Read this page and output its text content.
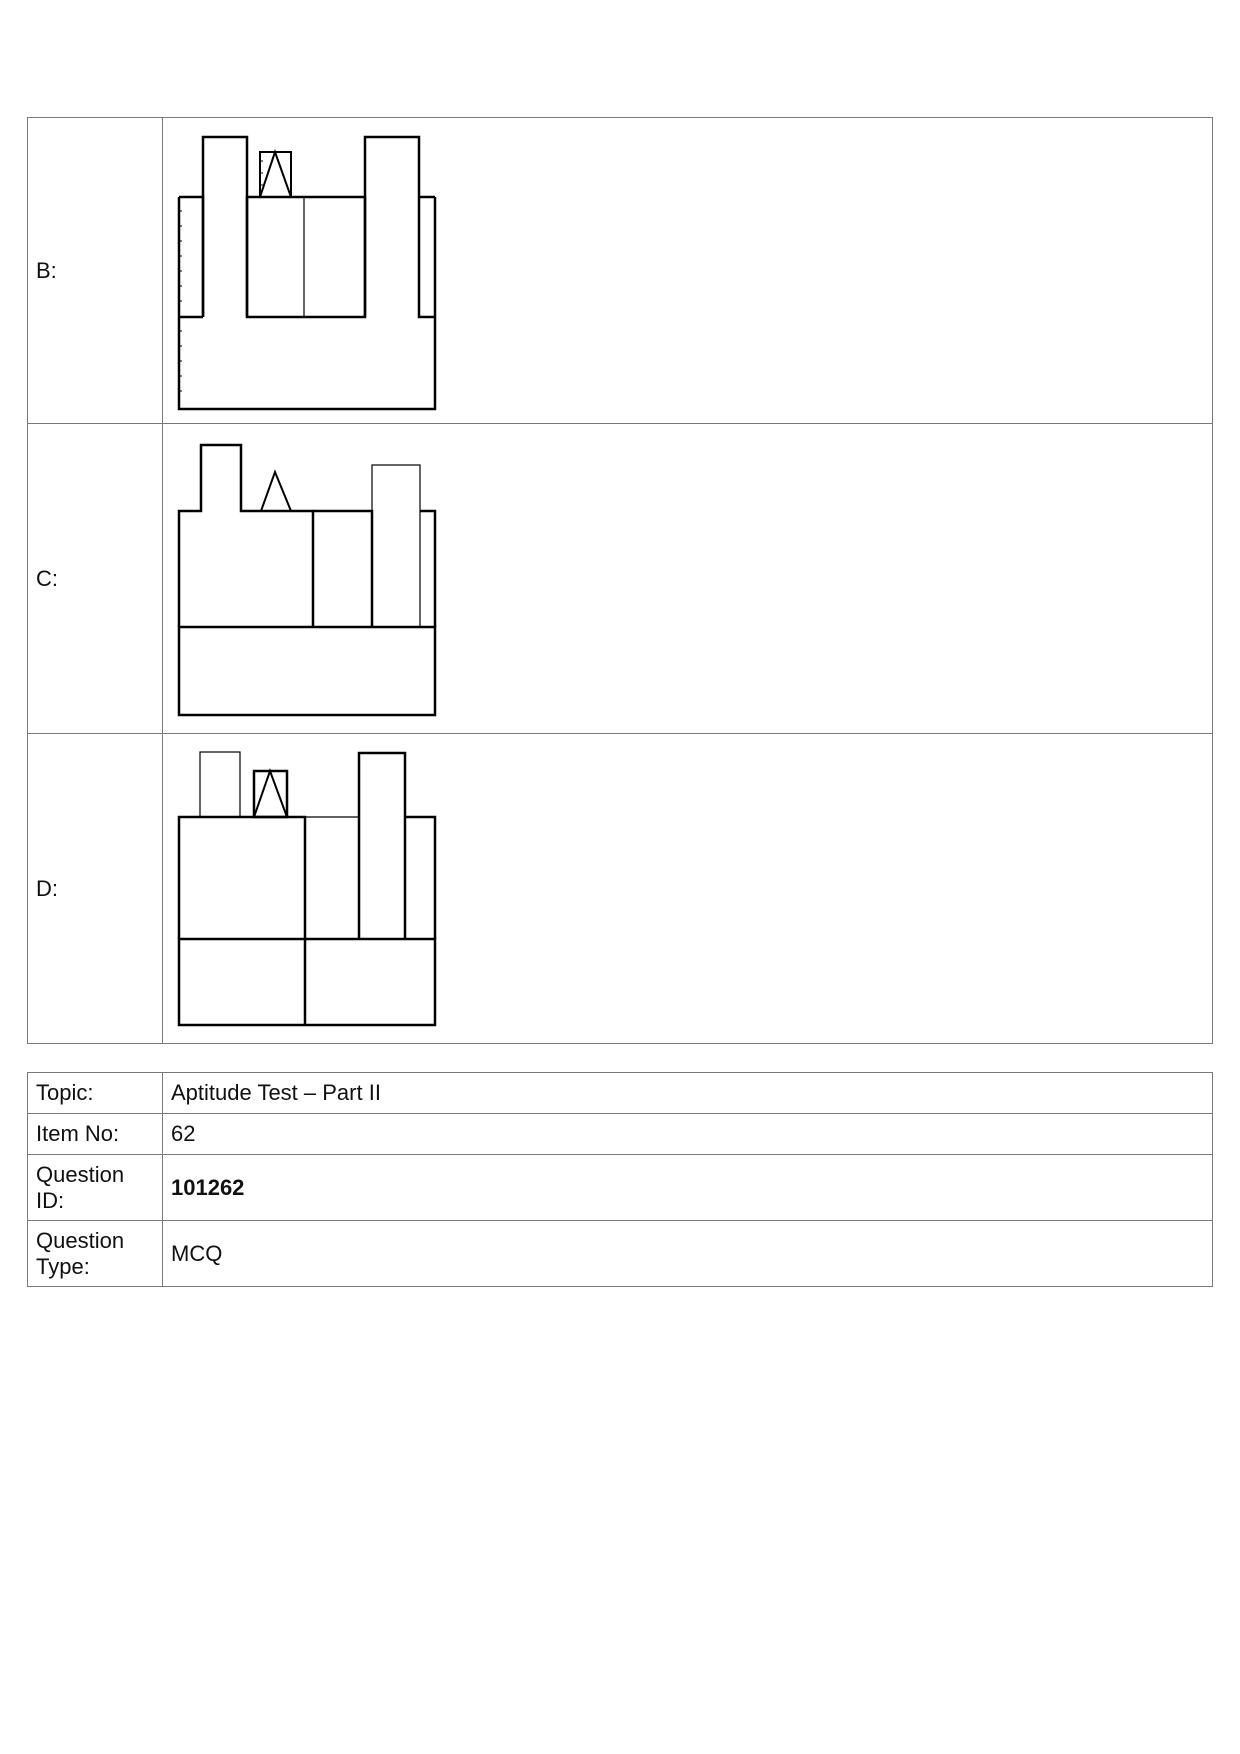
B:	

C:	

D:	
Topic:	Aptitude Test – Part II
Item No:	62
Question ID:	101262
Question Type:	MCQ
